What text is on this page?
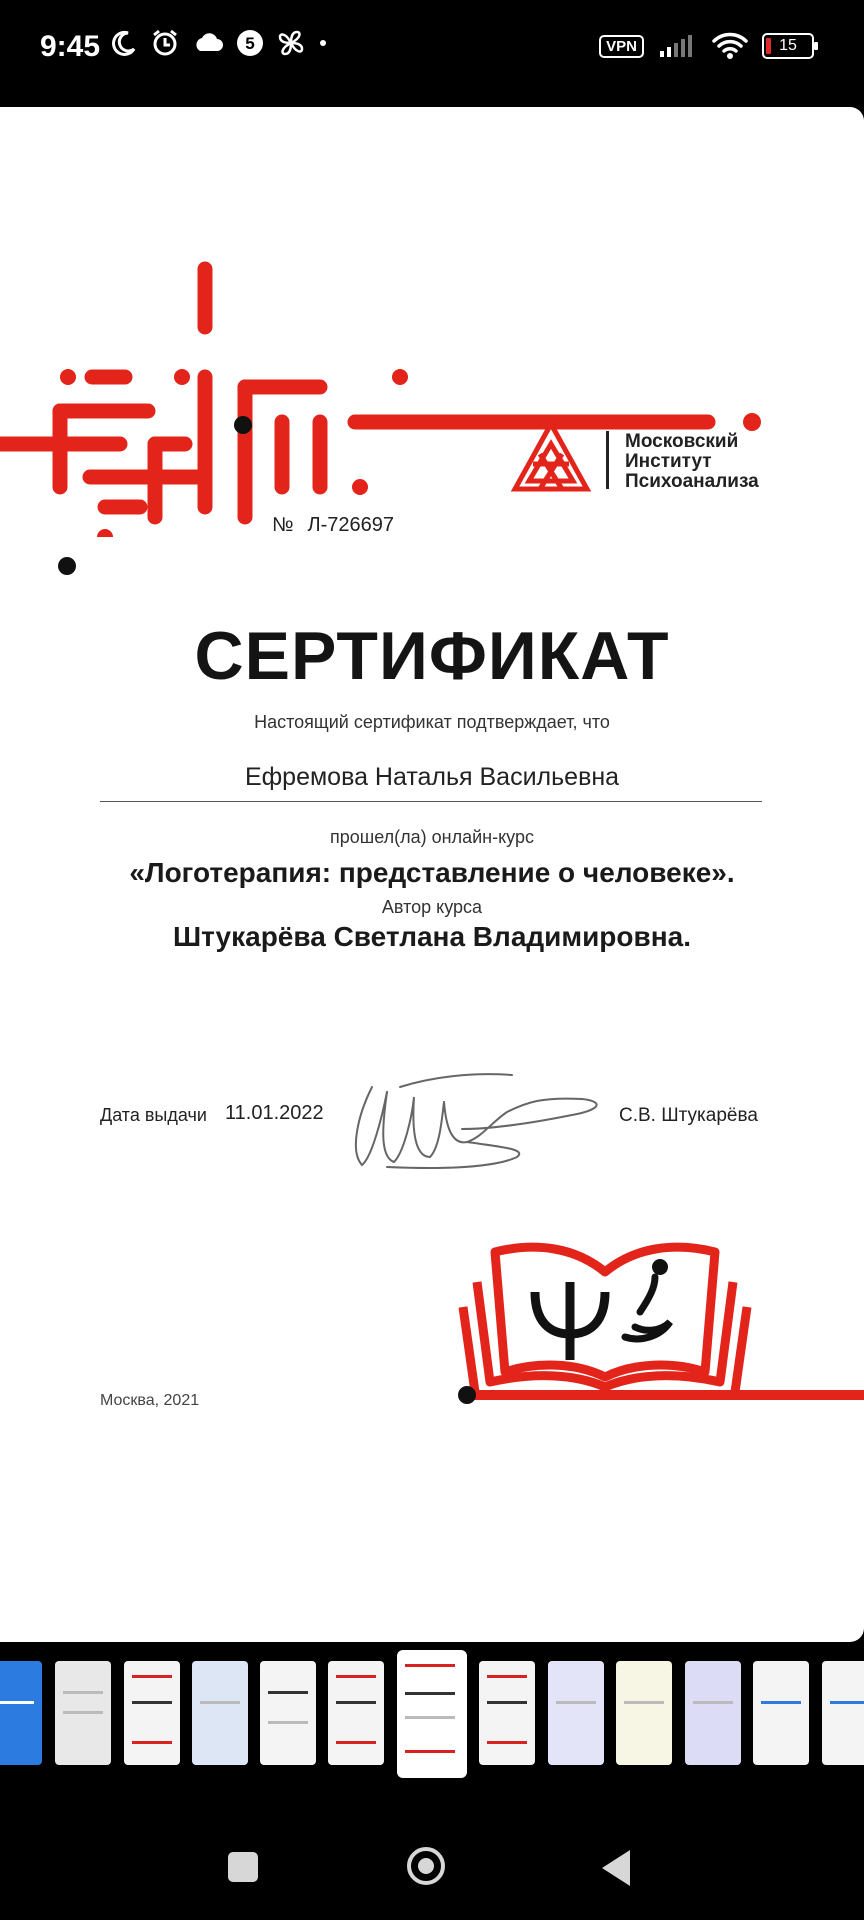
9:45	5	VPN	15
№ Л-726697
Московский
Институт
Психоанализа
СЕРТИФИКАТ
Настоящий сертификат подтверждает, что
Ефремова Наталья Васильевна
прошел(ла) онлайн-курс
«Логотерапия: представление о человеке».
Автор курса
Штукарёва Светлана Владимировна.
Дата выдачи 11.01.2022	С.В. Штукарёва
Москва, 2021
